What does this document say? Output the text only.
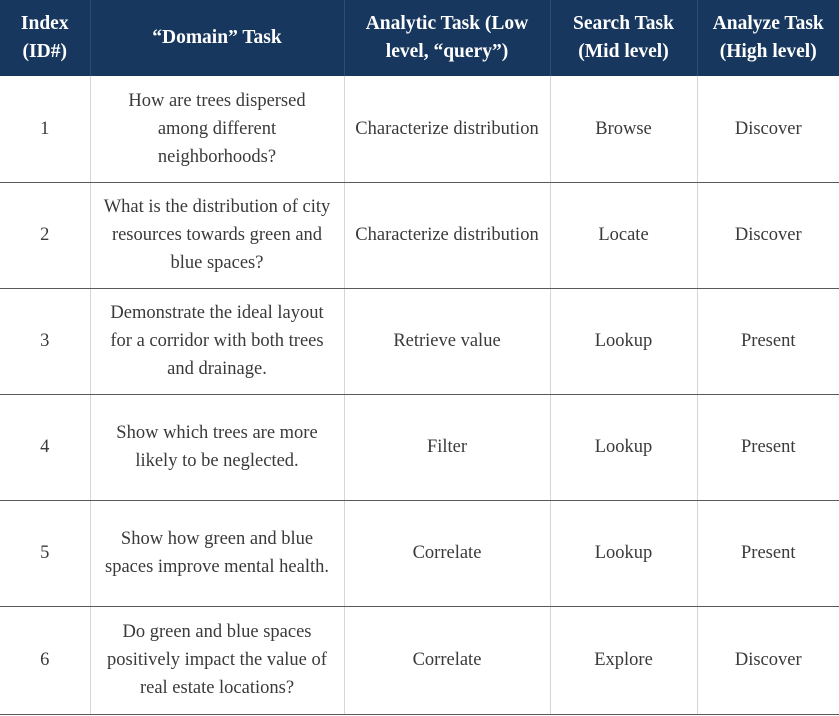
Index (ID#)	“Domain” Task	Analytic Task (Low level, “query”)	Search Task (Mid level)	Analyze Task (High level)
1	How are trees dispersed among different neighborhoods?	Characterize distribution	Browse	Discover
2	What is the distribution of city resources towards green and blue spaces?	Characterize distribution	Locate	Discover
3	Demonstrate the ideal layout for a corridor with both trees and drainage.	Retrieve value	Lookup	Present
4	Show which trees are more likely to be neglected.	Filter	Lookup	Present
5	Show how green and blue spaces improve mental health.	Correlate	Lookup	Present
6	Do green and blue spaces positively impact the value of real estate locations?	Correlate	Explore	Discover
